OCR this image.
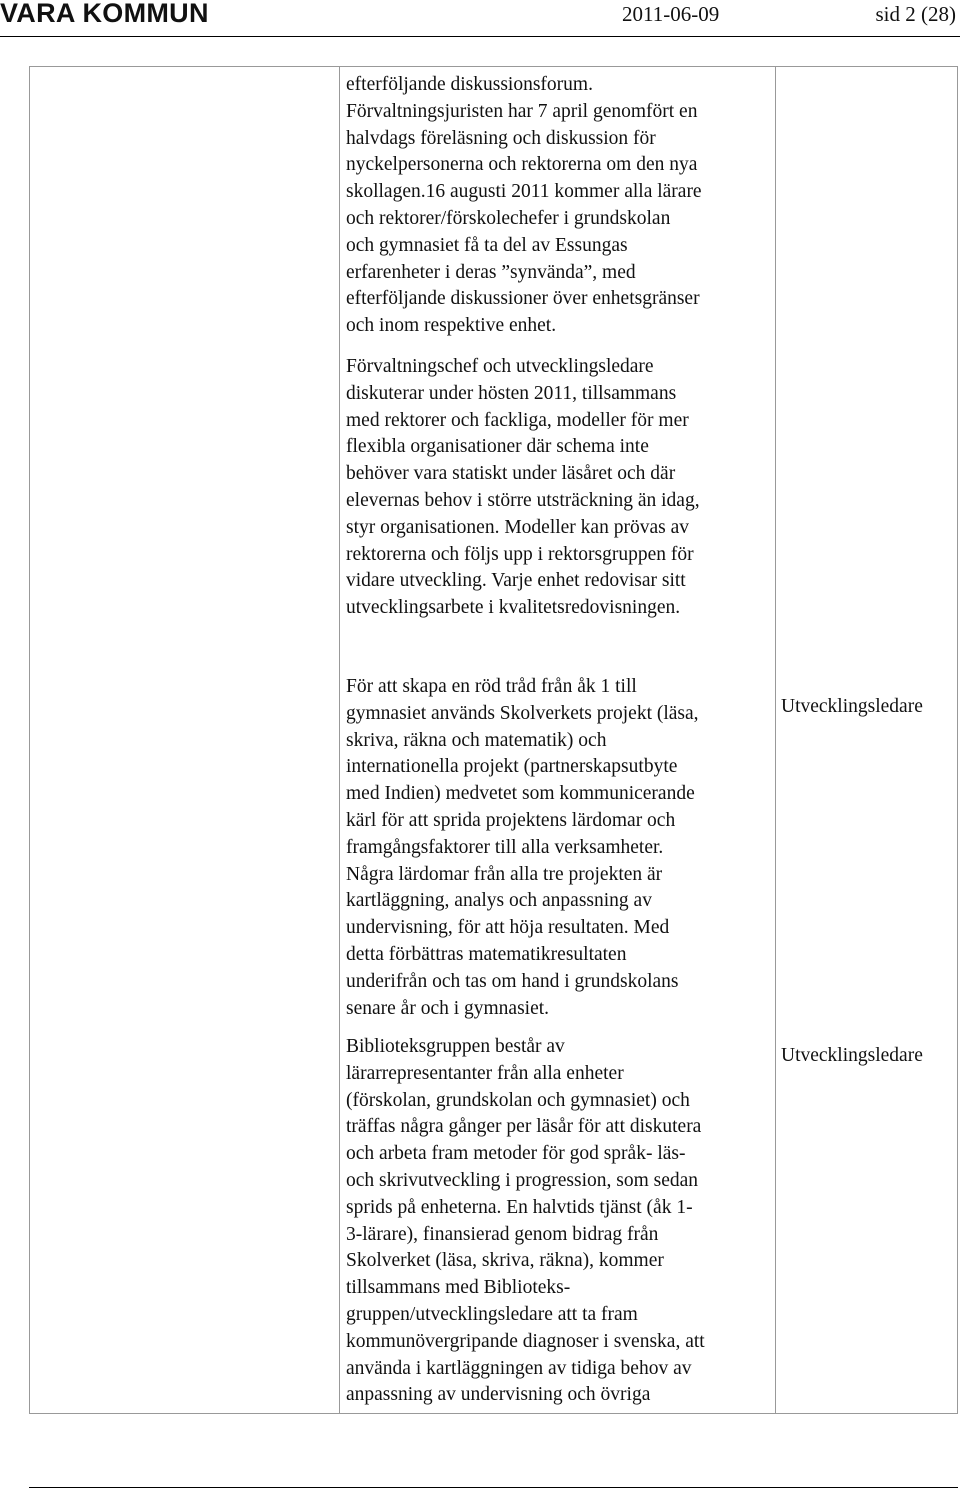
VARA KOMMUN	2011-06-09	sid 2 (28)
efterföljande diskussionsforum.
Förvaltningsjuristen har 7 april genomfört en
halvdags föreläsning och diskussion för
nyckelpersonerna och rektorerna om den nya
skollagen.16 augusti 2011 kommer alla lärare
och rektorer/förskolechefer i grundskolan
och gymnasiet få ta del av Essungas
erfarenheter i deras ”synvända”, med
efterföljande diskussioner över enhetsgränser
och inom respektive enhet.
Förvaltningschef och utvecklingsledare
diskuterar under hösten 2011, tillsammans
med rektorer och fackliga, modeller för mer
flexibla organisationer där schema inte
behöver vara statiskt under läsåret och där
elevernas behov i större utsträckning än idag,
styr organisationen. Modeller kan prövas av
rektorerna och följs upp i rektorsgruppen för
vidare utveckling. Varje enhet redovisar sitt
utvecklingsarbete i kvalitetsredovisningen.
För att skapa en röd tråd från åk 1 till
gymnasiet används Skolverkets projekt (läsa,
skriva, räkna och matematik) och
internationella projekt (partnerskapsutbyte
med Indien) medvetet som kommunicerande
kärl för att sprida projektens lärdomar och
framgångsfaktorer till alla verksamheter.
Några lärdomar från alla tre projekten är
kartläggning, analys och anpassning av
undervisning, för att höja resultaten. Med
detta förbättras matematikresultaten
underifrån och tas om hand i grundskolans
senare år och i gymnasiet.
Utvecklingsledare
Biblioteksgruppen består av
lärarrepresentanter från alla enheter
(förskolan, grundskolan och gymnasiet) och
träffas några gånger per läsår för att diskutera
och arbeta fram metoder för god språk- läs-
och skrivutveckling i progression, som sedan
sprids på enheterna. En halvtids tjänst (åk 1-
3-lärare), finansierad genom bidrag från
Skolverket (läsa, skriva, räkna), kommer
tillsammans med Biblioteks-
gruppen/utvecklingsledare att ta fram
kommunövergripande diagnoser i svenska, att
använda i kartläggningen av tidiga behov av
anpassning av undervisning och övriga
Utvecklingsledare
